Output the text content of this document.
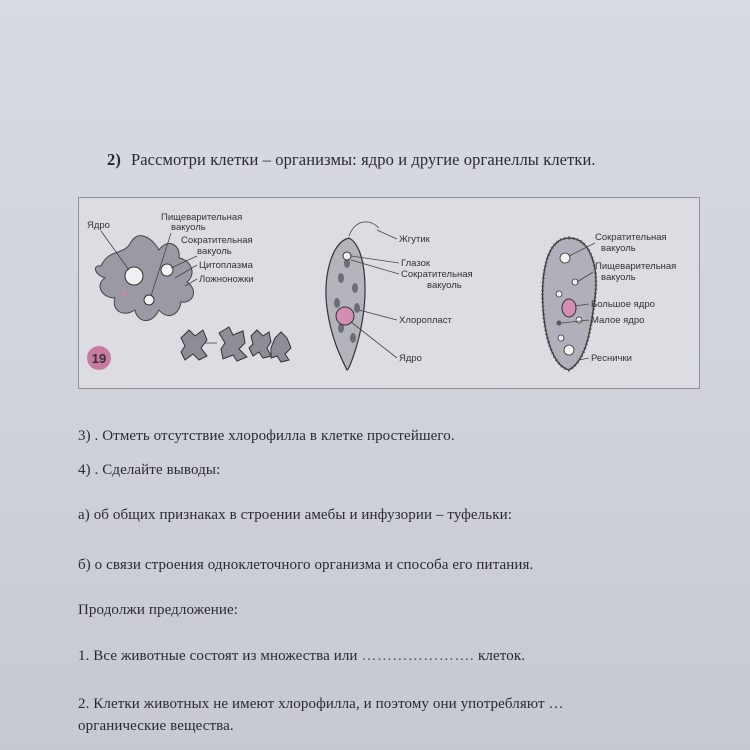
2) Рассмотри клетки – организмы: ядро и другие органеллы клетки.
19
Ядро
Пищеварительная
вакуоль
Сократительная
вакуоль
Цитоплазма
Ложноножки
Жгутик
Глазок
Сократительная
вакуоль
Хлоропласт
Ядро
Сократительная
вакуоль
Пищеварительная
вакуоль
Большое ядро
Малое ядро
Реснички
3) . Отметь отсутствие хлорофилла в клетке простейшего.
4) . Сделайте выводы:
а) об общих признаках в строении амебы и инфузории – туфельки:
б) о связи строения одноклеточного организма и способа его питания.
Продолжи предложение:
1. Все животные состоят из множества или …………………. клеток.
2. Клетки животных не имеют хлорофилла, и поэтому они употребляют …
органические вещества.
